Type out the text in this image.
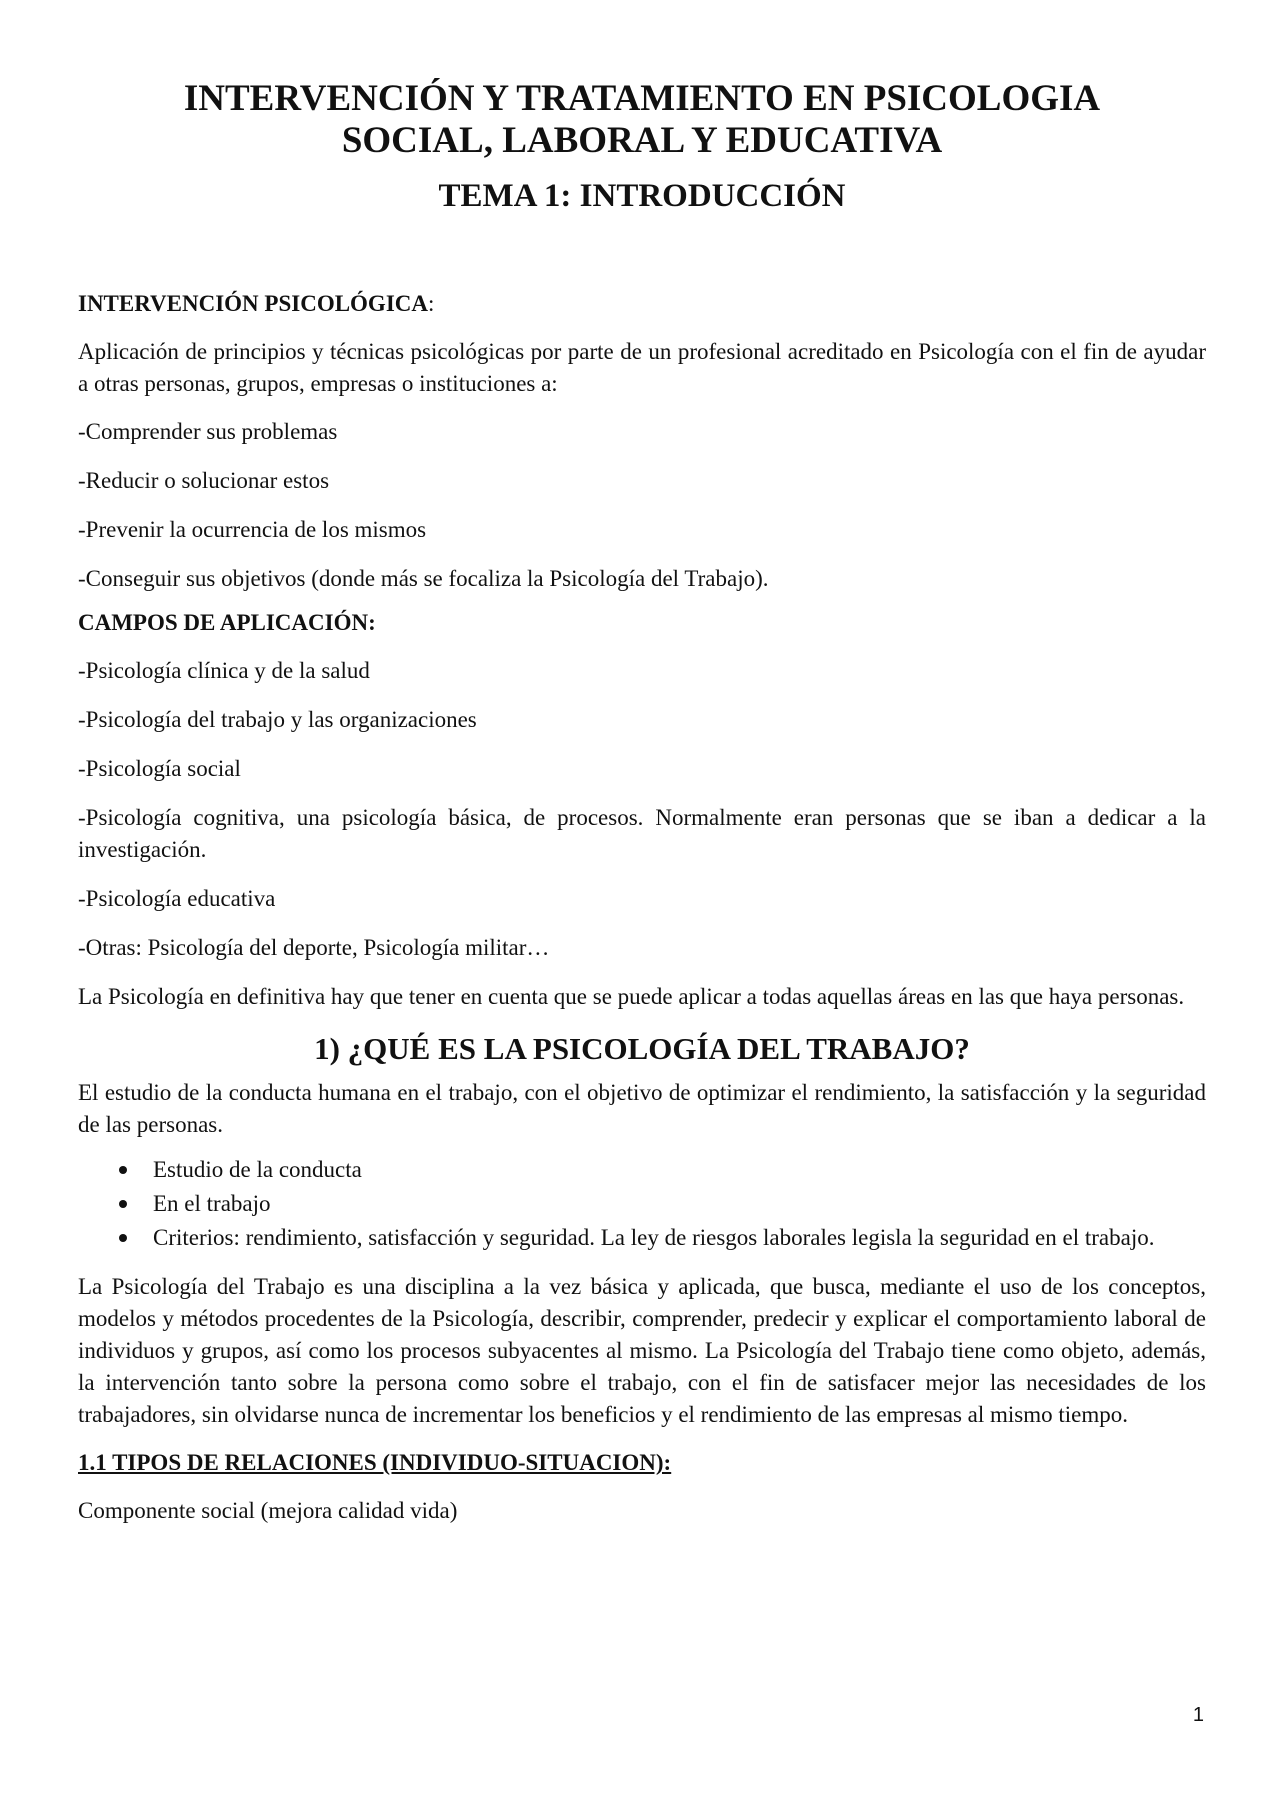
INTERVENCIÓN Y TRATAMIENTO EN PSICOLOGIA
SOCIAL, LABORAL Y EDUCATIVA
TEMA 1: INTRODUCCIÓN

INTERVENCIÓN PSICOLÓGICA:

Aplicación de principios y técnicas psicológicas por parte de un profesional acreditado en Psicología con el fin de ayudar a otras personas, grupos, empresas o instituciones a:

-Comprender sus problemas

-Reducir o solucionar estos

-Prevenir la ocurrencia de los mismos

-Conseguir sus objetivos (donde más se focaliza la Psicología del Trabajo).

CAMPOS DE APLICACIÓN:

-Psicología clínica y de la salud

-Psicología del trabajo y las organizaciones

-Psicología social

-Psicología cognitiva, una psicología básica, de procesos. Normalmente eran personas que se iban a dedicar a la investigación.

-Psicología educativa

-Otras: Psicología del deporte, Psicología militar…

La Psicología en definitiva hay que tener en cuenta que se puede aplicar a todas aquellas áreas en las que haya personas.

1) ¿QUÉ ES LA PSICOLOGÍA DEL TRABAJO?

El estudio de la conducta humana en el trabajo, con el objetivo de optimizar el rendimiento, la satisfacción y la seguridad de las personas.

Estudio de la conducta
En el trabajo
Criterios: rendimiento, satisfacción y seguridad. La ley de riesgos laborales legisla la seguridad en el trabajo.

La Psicología del Trabajo es una disciplina a la vez básica y aplicada, que busca, mediante el uso de los conceptos, modelos y métodos procedentes de la Psicología, describir, comprender, predecir y explicar el comportamiento laboral de individuos y grupos, así como los procesos subyacentes al mismo. La Psicología del Trabajo tiene como objeto, además, la intervención tanto sobre la persona como sobre el trabajo, con el fin de satisfacer mejor las necesidades de los trabajadores, sin olvidarse nunca de incrementar los beneficios y el rendimiento de las empresas al mismo tiempo.

1.1 TIPOS DE RELACIONES (INDIVIDUO-SITUACION):

Componente social (mejora calidad vida)

1
